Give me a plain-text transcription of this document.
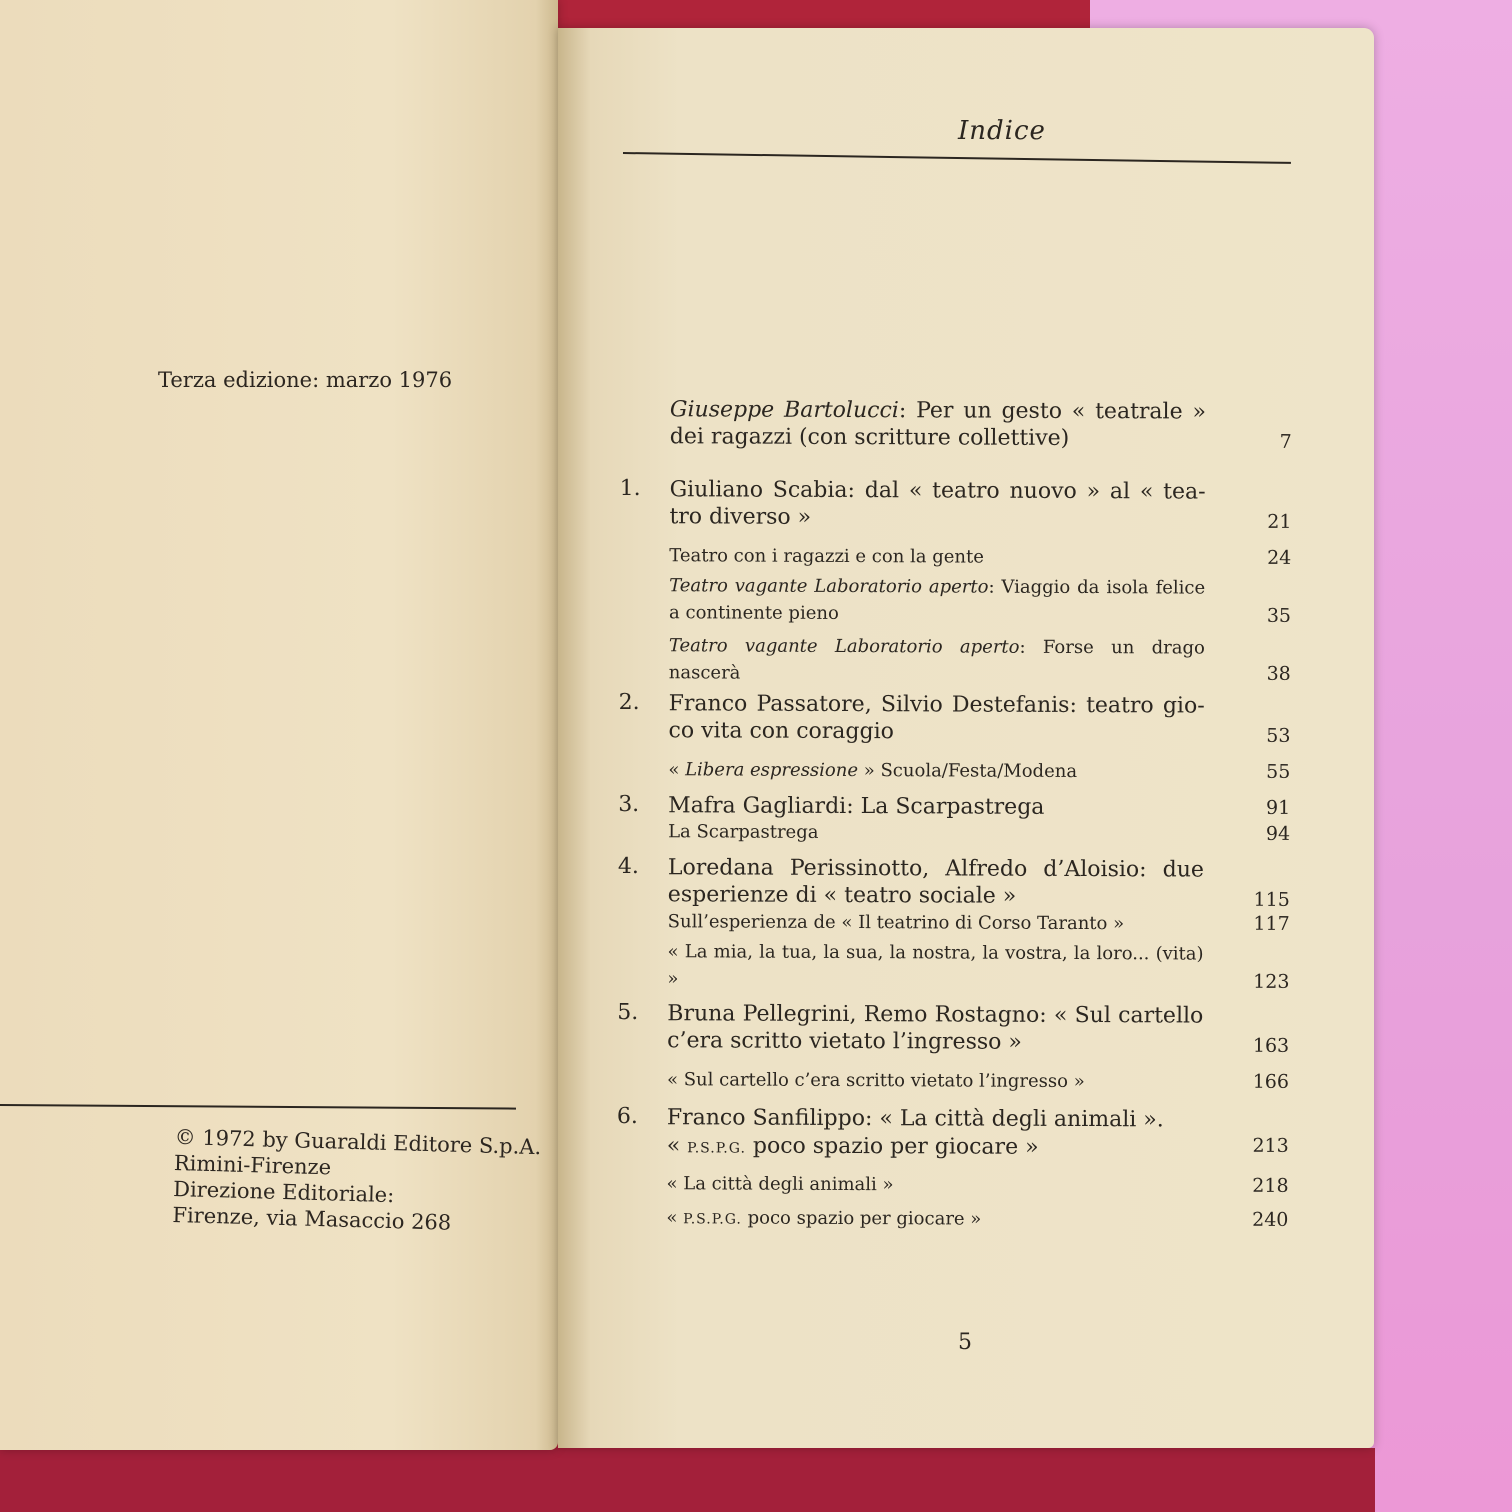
Terza edizione: marzo 1976
© 1972 by Guaraldi Editore S.p.A.
Rimini-Firenze
Direzione Editoriale:
Firenze, via Masaccio 268
Indice
Giuseppe Bartolucci: Per un gesto « teatrale » dei ragazzi (con scritture collettive)	7
1.	Giuliano Scabia: dal « teatro nuovo » al « tea-tro diverso »	21
Teatro con i ragazzi e con la gente	24
Teatro vagante Laboratorio aperto: Viaggio da isola felice a continente pieno	35
Teatro vagante Laboratorio aperto: Forse un drago nascerà	38
2.	Franco Passatore, Silvio Destefanis: teatro gio-co vita con coraggio	53
« Libera espressione » Scuola/Festa/Modena	55
3.	Mafra Gagliardi: La Scarpastrega	91
La Scarpastrega	94
4.	Loredana Perissinotto, Alfredo d’Aloisio: due esperienze di « teatro sociale »	115
Sull’esperienza de « Il teatrino di Corso Taranto »	117
« La mia, la tua, la sua, la nostra, la vostra, la loro... (vita) »	123
5.	Bruna Pellegrini, Remo Rostagno: « Sul cartello c’era scritto vietato l’ingresso »	163
« Sul cartello c’era scritto vietato l’ingresso »	166
6.	Franco Sanfilippo: « La città degli animali ».
« P.S.P.G. poco spazio per giocare »	213
« La città degli animali »	218
« P.S.P.G. poco spazio per giocare »	240
5
